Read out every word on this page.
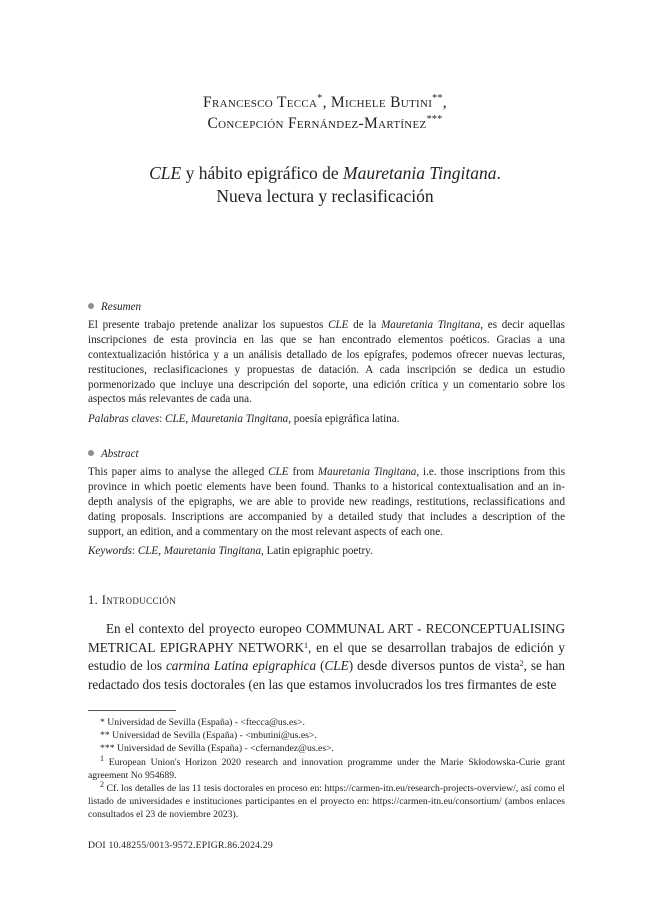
Francesco Tecca*, Michele Butini**,
Concepción Fernández-Martínez***
CLE y hábito epigráfico de Mauretania Tingitana.
Nueva lectura y reclasificación
Resumen

El presente trabajo pretende analizar los supuestos CLE de la Mauretania Tingitana, es decir aquellas inscripciones de esta provincia en las que se han encontrado elementos poéticos. Gracias a una contextualización histórica y a un análisis detallado de los epígrafes, podemos ofrecer nuevas lecturas, restituciones, reclasificaciones y propuestas de datación. A cada inscripción se dedica un estudio pormenorizado que incluye una descripción del soporte, una edición crítica y un comentario sobre los aspectos más relevantes de cada una.

Palabras claves: CLE, Mauretania Tingitana, poesía epigráfica latina.

Abstract

This paper aims to analyse the alleged CLE from Mauretania Tingitana, i.e. those inscriptions from this province in which poetic elements have been found. Thanks to a historical contextualisation and an in-depth analysis of the epigraphs, we are able to provide new readings, restitutions, reclassifications and dating proposals. Inscriptions are accompanied by a detailed study that includes a description of the support, an edition, and a commentary on the most relevant aspects of each one.

Keywords: CLE, Mauretania Tingitana, Latin epigraphic poetry.

1. Introducción
En el contexto del proyecto europeo COMMUNAL ART - RECONCEPTUALISING METRICAL EPIGRAPHY NETWORK$^1$, en el que se desarrollan trabajos de edición y estudio de los carmina Latina epigraphica (CLE) desde diversos puntos de vista$^2$, se han redactado dos tesis doctorales (en las que estamos involucrados los tres firmantes de este

* Universidad de Sevilla (España) - <ftecca@us.es>.

** Universidad de Sevilla (España) - <mbutini@us.es>.

*** Universidad de Sevilla (España) - <cfernandez@us.es>.

$^1$ European Union's Horizon 2020 research and innovation programme under the Marie Skłodowska-Curie grant agreement No 954689.

$^2$ Cf. los detalles de las 11 tesis doctorales en proceso en: https://carmen-itn.eu/research-projects-overview/, así como el listado de universidades e instituciones participantes en el proyecto en: https://carmen-itn.eu/consortium/ (ambos enlaces consultados el 23 de noviembre 2023).

DOI 10.48255/0013-9572.EPIGR.86.2024.29
